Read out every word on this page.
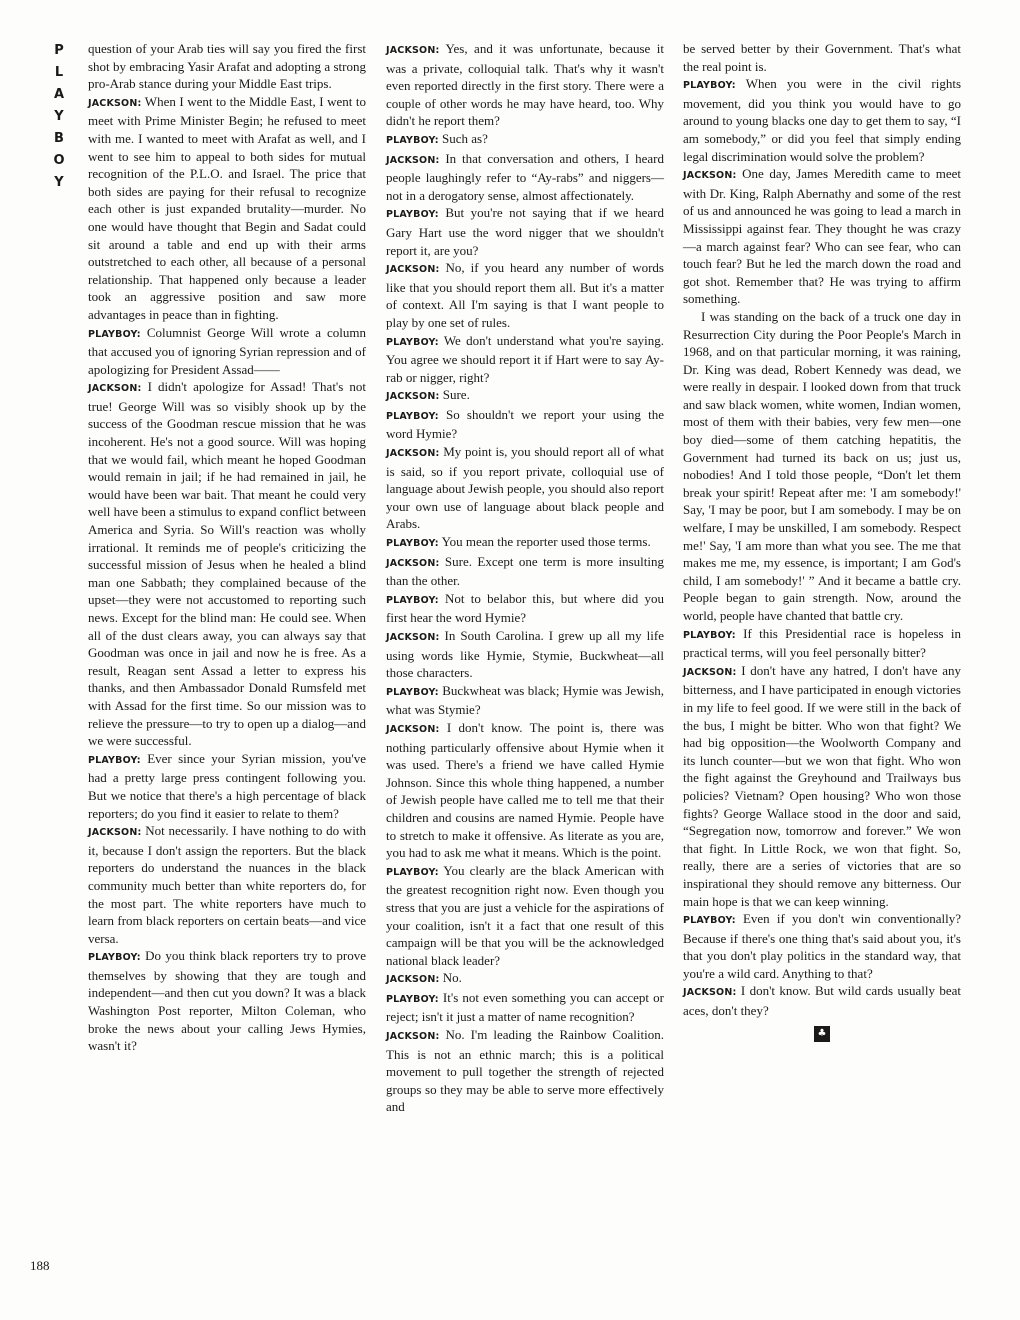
P
L
A
Y
B
O
Y

question of your Arab ties will say you fired the first shot by embracing Yasir Arafat and adopting a strong pro-Arab stance during your Middle East trips.

JACKSON: When I went to the Middle East, I went to meet with Prime Minister Begin; he refused to meet with me. I wanted to meet with Arafat as well, and I went to see him to appeal to both sides for mutual recognition of the P.L.O. and Israel. The price that both sides are paying for their refusal to recognize each other is just expanded brutality—murder. No one would have thought that Begin and Sadat could sit around a table and end up with their arms outstretched to each other, all because of a personal relationship. That happened only because a leader took an aggressive position and saw more advantages in peace than in fighting.

PLAYBOY: Columnist George Will wrote a column that accused you of ignoring Syrian repression and of apologizing for President Assad——

JACKSON: I didn't apologize for Assad! That's not true! George Will was so visibly shook up by the success of the Goodman rescue mission that he was incoherent. He's not a good source. Will was hoping that we would fail, which meant he hoped Goodman would remain in jail; if he had remained in jail, he would have been war bait. That meant he could very well have been a stimulus to expand conflict between America and Syria. So Will's reaction was wholly irrational. It reminds me of people's criticizing the successful mission of Jesus when he healed a blind man one Sabbath; they complained because of the upset—they were not accustomed to reporting such news. Except for the blind man: He could see. When all of the dust clears away, you can always say that Goodman was once in jail and now he is free. As a result, Reagan sent Assad a letter to express his thanks, and then Ambassador Donald Rumsfeld met with Assad for the first time. So our mission was to relieve the pressure—to try to open up a dialog—and we were successful.

PLAYBOY: Ever since your Syrian mission, you've had a pretty large press contingent following you. But we notice that there's a high percentage of black reporters; do you find it easier to relate to them?

JACKSON: Not necessarily. I have nothing to do with it, because I don't assign the reporters. But the black reporters do understand the nuances in the black community much better than white reporters do, for the most part. The white reporters have much to learn from black reporters on certain beats—and vice versa.

PLAYBOY: Do you think black reporters try to prove themselves by showing that they are tough and independent—and then cut you down? It was a black Washington Post reporter, Milton Coleman, who broke the news about your calling Jews Hymies, wasn't it?

JACKSON: Yes, and it was unfortunate, because it was a private, colloquial talk. That's why it wasn't even reported directly in the first story. There were a couple of other words he may have heard, too. Why didn't he report them?

PLAYBOY: Such as?

JACKSON: In that conversation and others, I heard people laughingly refer to “Ay-rabs” and niggers—not in a derogatory sense, almost affectionately.

PLAYBOY: But you're not saying that if we heard Gary Hart use the word nigger that we shouldn't report it, are you?

JACKSON: No, if you heard any number of words like that you should report them all. But it's a matter of context. All I'm saying is that I want people to play by one set of rules.

PLAYBOY: We don't understand what you're saying. You agree we should report it if Hart were to say Ay-rab or nigger, right?

JACKSON: Sure.

PLAYBOY: So shouldn't we report your using the word Hymie?

JACKSON: My point is, you should report all of what is said, so if you report private, colloquial use of language about Jewish people, you should also report your own use of language about black people and Arabs.

PLAYBOY: You mean the reporter used those terms.

JACKSON: Sure. Except one term is more insulting than the other.

PLAYBOY: Not to belabor this, but where did you first hear the word Hymie?

JACKSON: In South Carolina. I grew up all my life using words like Hymie, Stymie, Buckwheat—all those characters.

PLAYBOY: Buckwheat was black; Hymie was Jewish, what was Stymie?

JACKSON: I don't know. The point is, there was nothing particularly offensive about Hymie when it was used. There's a friend we have called Hymie Johnson. Since this whole thing happened, a number of Jewish people have called me to tell me that their children and cousins are named Hymie. People have to stretch to make it offensive. As literate as you are, you had to ask me what it means. Which is the point.

PLAYBOY: You clearly are the black American with the greatest recognition right now. Even though you stress that you are just a vehicle for the aspirations of your coalition, isn't it a fact that one result of this campaign will be that you will be the acknowledged national black leader?

JACKSON: No.

PLAYBOY: It's not even something you can accept or reject; isn't it just a matter of name recognition?

JACKSON: No. I'm leading the Rainbow Coalition. This is not an ethnic march; this is a political movement to pull together the strength of rejected groups so they may be able to serve more effectively and

be served better by their Government. That's what the real point is.

PLAYBOY: When you were in the civil rights movement, did you think you would have to go around to young blacks one day to get them to say, “I am somebody,” or did you feel that simply ending legal discrimination would solve the problem?

JACKSON: One day, James Meredith came to meet with Dr. King, Ralph Abernathy and some of the rest of us and announced he was going to lead a march in Mississippi against fear. They thought he was crazy—a march against fear? Who can see fear, who can touch fear? But he led the march down the road and got shot. Remember that? He was trying to affirm something.

I was standing on the back of a truck one day in Resurrection City during the Poor People's March in 1968, and on that particular morning, it was raining, Dr. King was dead, Robert Kennedy was dead, we were really in despair. I looked down from that truck and saw black women, white women, Indian women, most of them with their babies, very few men—one boy died—some of them catching hepatitis, the Government had turned its back on us; just us, nobodies! And I told those people, “Don't let them break your spirit! Repeat after me: 'I am somebody!' Say, 'I may be poor, but I am somebody. I may be on welfare, I may be unskilled, I am somebody. Respect me!' Say, 'I am more than what you see. The me that makes me me, my essence, is important; I am God's child, I am somebody!' ” And it became a battle cry. People began to gain strength. Now, around the world, people have chanted that battle cry.

PLAYBOY: If this Presidential race is hopeless in practical terms, will you feel personally bitter?

JACKSON: I don't have any hatred, I don't have any bitterness, and I have participated in enough victories in my life to feel good. If we were still in the back of the bus, I might be bitter. Who won that fight? We had big opposition—the Woolworth Company and its lunch counter—but we won that fight. Who won the fight against the Greyhound and Trailways bus policies? Vietnam? Open housing? Who won those fights? George Wallace stood in the door and said, “Segregation now, tomorrow and forever.” We won that fight. In Little Rock, we won that fight. So, really, there are a series of victories that are so inspirational they should remove any bitterness. Our main hope is that we can keep winning.

PLAYBOY: Even if you don't win conventionally? Because if there's one thing that's said about you, it's that you don't play politics in the standard way, that you're a wild card. Anything to that?

JACKSON: I don't know. But wild cards usually beat aces, don't they?

♣
188
